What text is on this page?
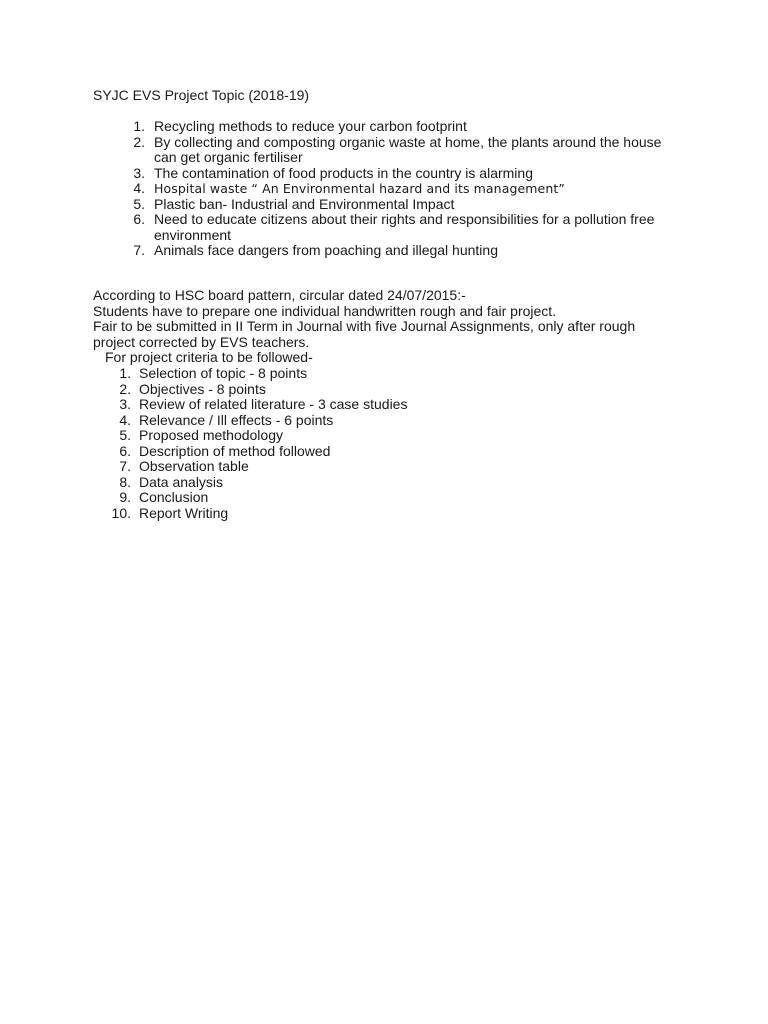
SYJC EVS Project Topic (2018-19)
1. Recycling methods to reduce your carbon footprint
2. By collecting and composting organic waste at home, the plants around the house can get organic fertiliser
3. The contamination of food products in the country is alarming
4. Hospital waste “ An Environmental hazard and its management”
5. Plastic ban- Industrial and Environmental Impact
6. Need to educate citizens about their rights and responsibilities for a pollution free environment
7. Animals face dangers from poaching and illegal hunting

According to HSC board pattern, circular dated 24/07/2015:-

Students have to prepare one individual handwritten rough and fair project.

Fair to be submitted in II Term in Journal with five Journal Assignments, only after rough project corrected by EVS teachers.

For project criteria to be followed-
1. Selection of topic - 8 points
2. Objectives - 8 points
3. Review of related literature - 3 case studies
4. Relevance / Ill effects - 6 points
5. Proposed methodology
6. Description of method followed
7. Observation table
8. Data analysis
9. Conclusion
10. Report Writing
